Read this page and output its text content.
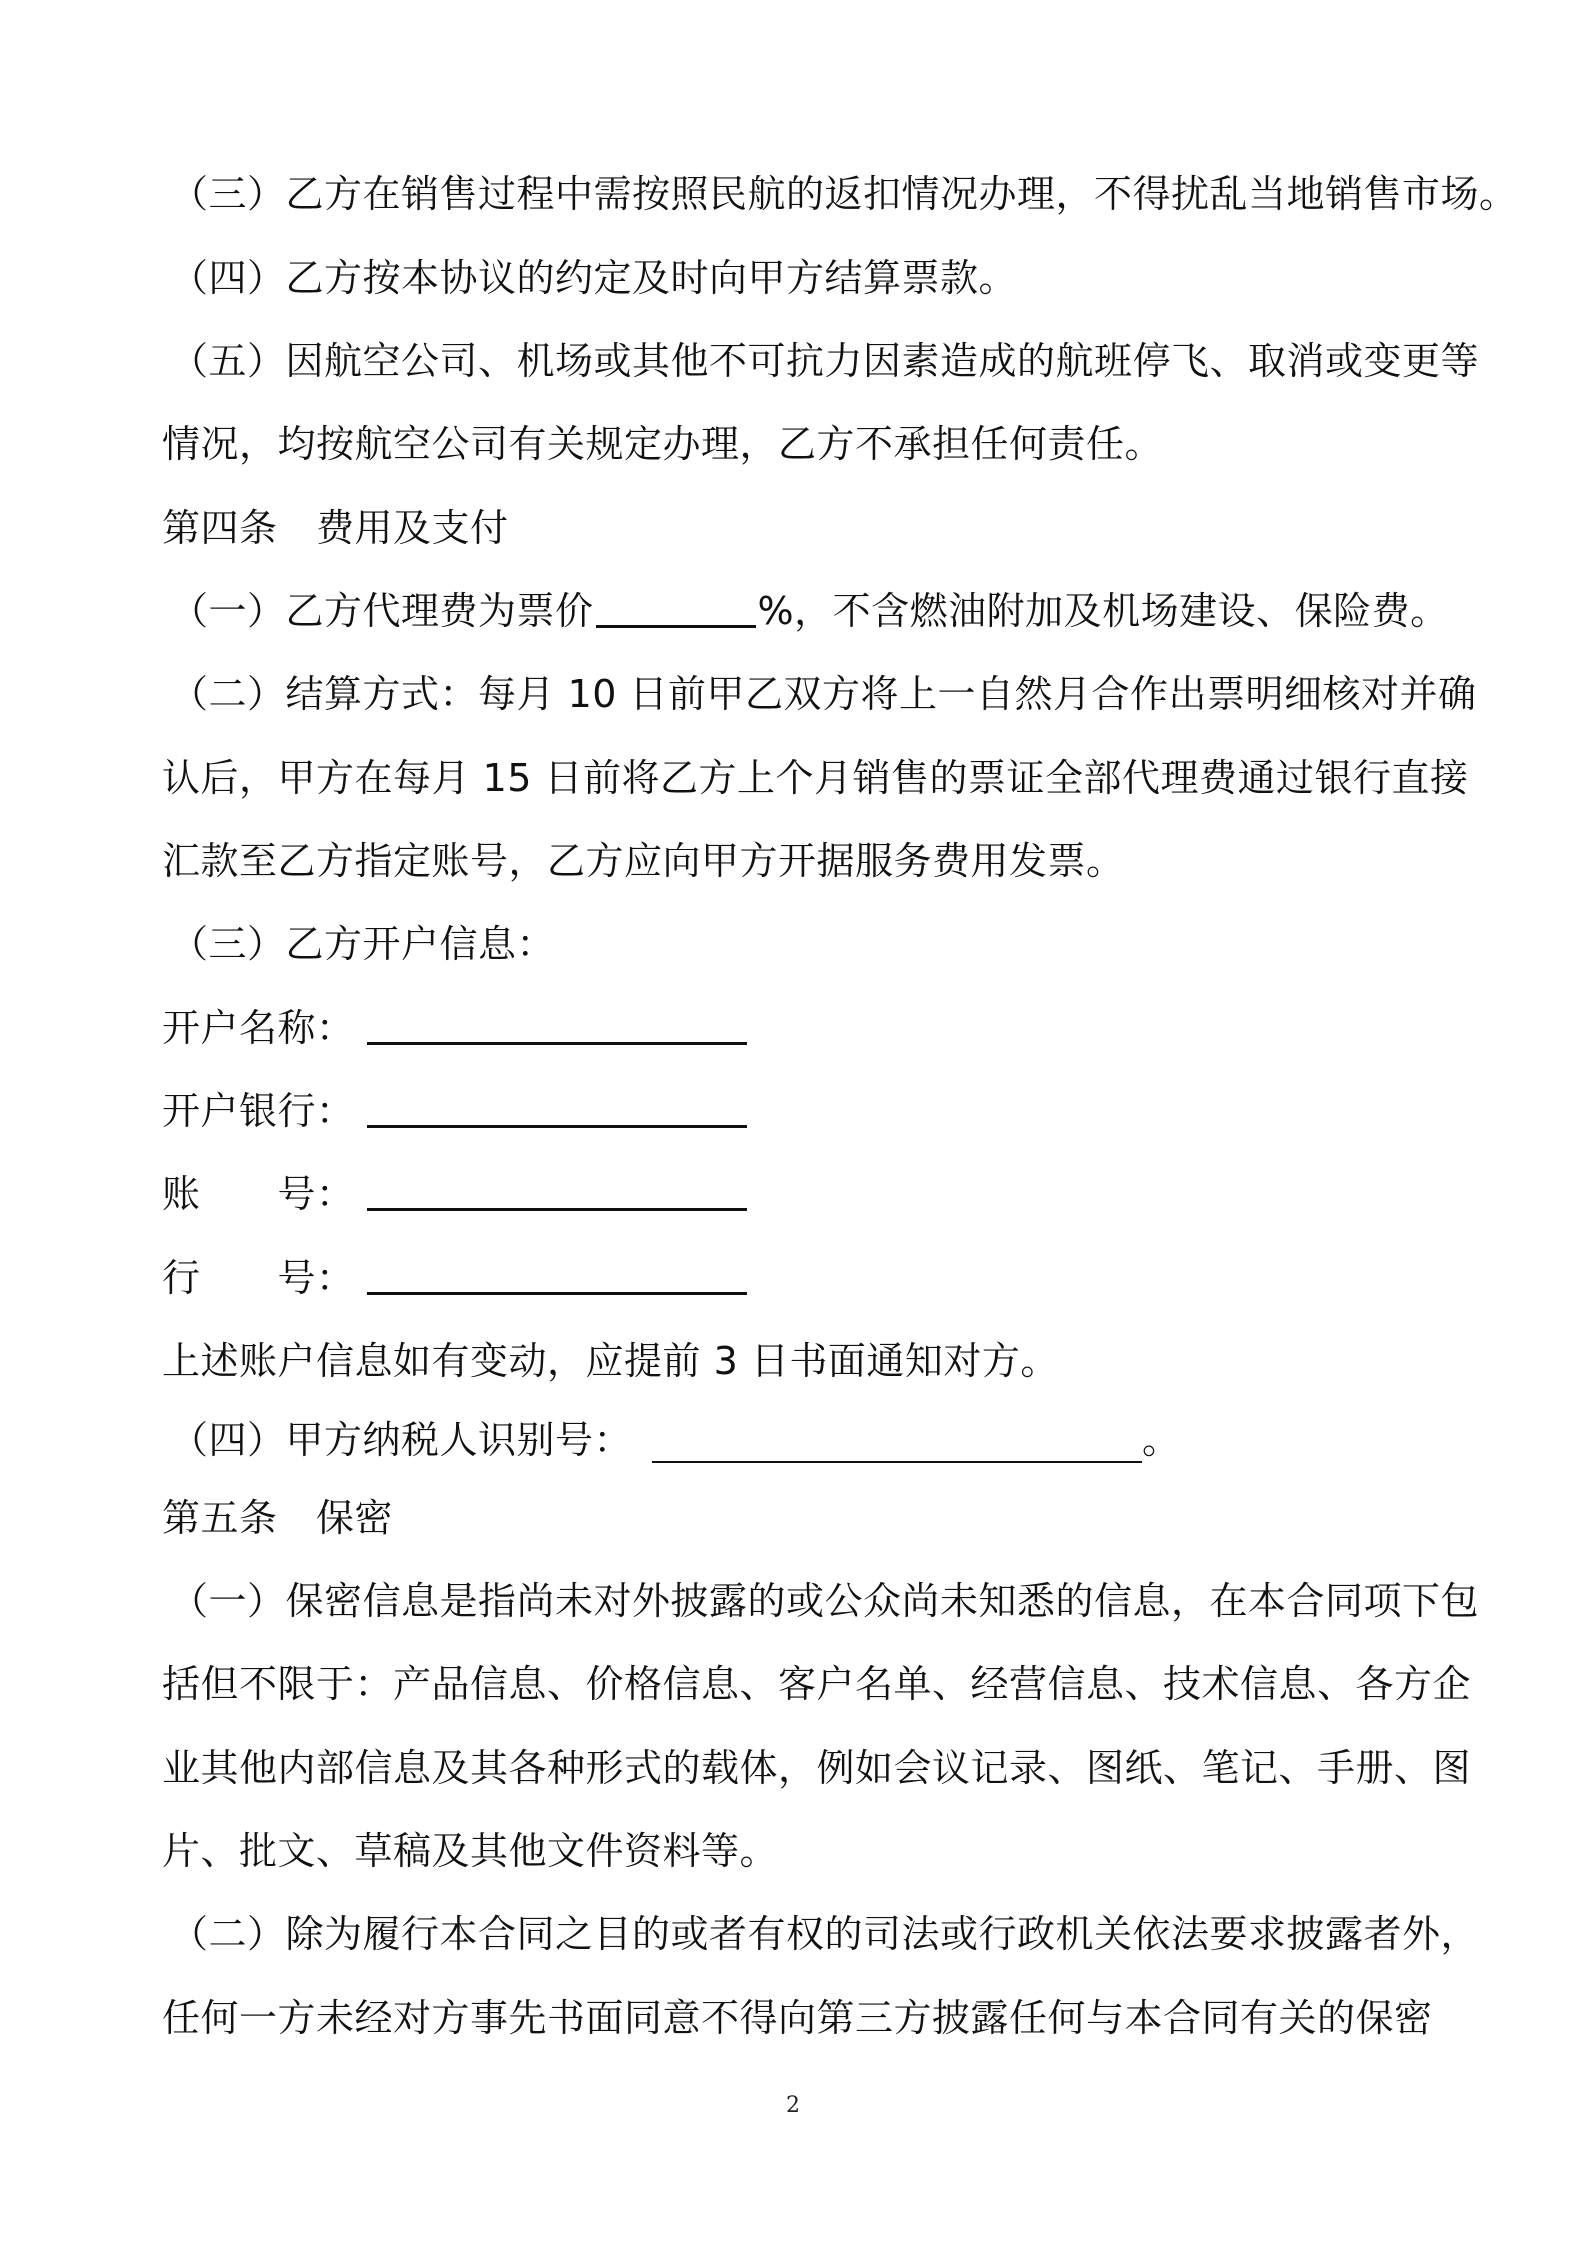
（三）乙方在销售过程中需按照民航的返扣情况办理，不得扰乱当地销售市场。
（四）乙方按本协议的约定及时向甲方结算票款。
（五）因航空公司、机场或其他不可抗力因素造成的航班停飞、取消或变更等
情况，均按航空公司有关规定办理，乙方不承担任何责任。
第四条　费用及支付
（一）乙方代理费为票价	%，不含燃油附加及机场建设、保险费。
（二）结算方式：每月 10 日前甲乙双方将上一自然月合作出票明细核对并确
认后，甲方在每月 15 日前将乙方上个月销售的票证全部代理费通过银行直接
汇款至乙方指定账号，乙方应向甲方开据服务费用发票。
（三）乙方开户信息：
开户名称：
开户银行：
账　　号：
行　　号：
上述账户信息如有变动，应提前 3 日书面通知对方。
（四）甲方纳税人识别号：	。
第五条　保密
（一）保密信息是指尚未对外披露的或公众尚未知悉的信息，在本合同项下包
括但不限于：产品信息、价格信息、客户名单、经营信息、技术信息、各方企
业其他内部信息及其各种形式的载体，例如会议记录、图纸、笔记、手册、图
片、批文、草稿及其他文件资料等。
（二）除为履行本合同之目的或者有权的司法或行政机关依法要求披露者外，
任何一方未经对方事先书面同意不得向第三方披露任何与本合同有关的保密
2
